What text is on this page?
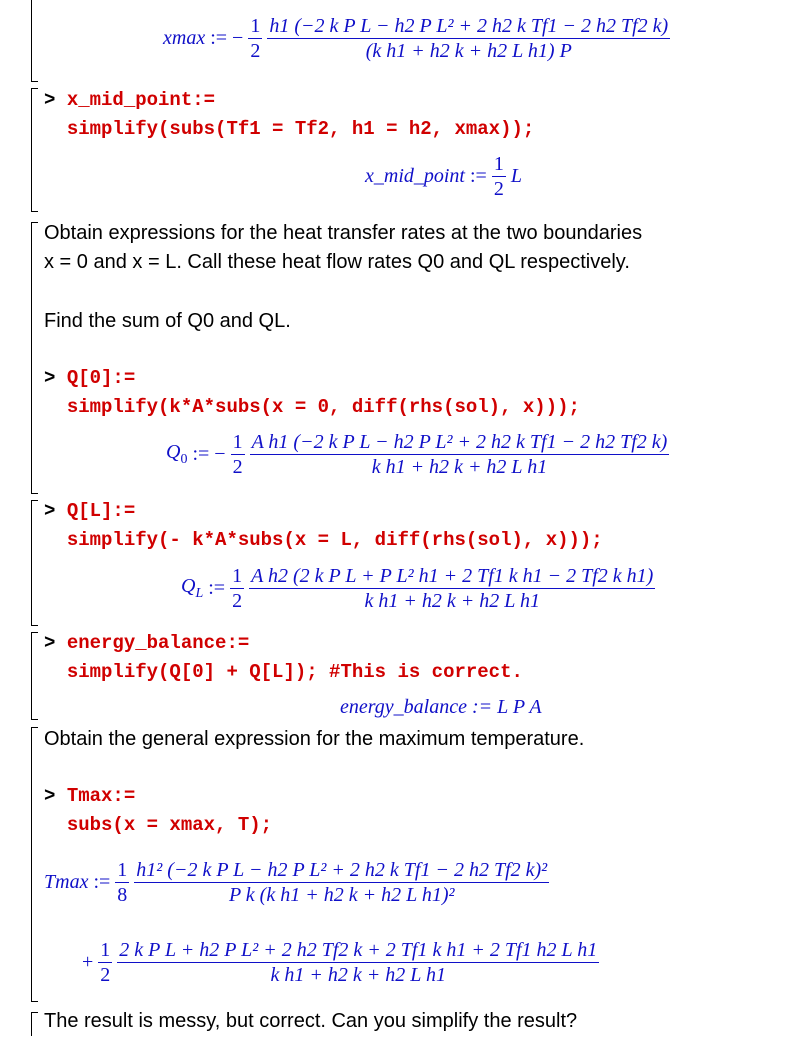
xmax := − $\frac{1}{2}$
$\frac{\text{h1 (−2 k P L − h2 P L² + 2 h2 k Tf1 − 2 h2 Tf2 k)}}{\text{(k h1 + h2 k + h2 L h1) P}}$
> x_mid_point:=
simplify(subs(Tf1 = Tf2, h1 = h2, xmax));
x_mid_point := $\frac{1}{2}$ L
Obtain expressions for the heat transfer rates at the two boundaries
x = 0 and x = L. Call these heat flow rates Q0 and QL respectively.
Find the sum of Q0 and QL.
> Q[0]:=
simplify(k*A*subs(x = 0, diff(rhs(sol), x)));
$Q_0$ := − $\frac{1}{2}$
$\frac{\text{A h1 (−2 k P L − h2 P L² + 2 h2 k Tf1 − 2 h2 Tf2 k)}}{\text{k h1 + h2 k + h2 L h1}}$
> Q[L]:=
simplify(- k*A*subs(x = L, diff(rhs(sol), x)));
$Q_L$ := $\frac{1}{2}$
$\frac{\text{A h2 (2 k P L + P L² h1 + 2 Tf1 k h1 − 2 Tf2 k h1)}}{\text{k h1 + h2 k + h2 L h1}}$
> energy_balance:=
simplify(Q[0] + Q[L]); #This is correct.
energy_balance := L P A
Obtain the general expression for the maximum temperature.
> Tmax:=
subs(x = xmax, T);
Tmax := $\frac{1}{8}$
$\frac{\text{h1² (−2 k P L − h2 P L² + 2 h2 k Tf1 − 2 h2 Tf2 k)²}}{\text{P k (k h1 + h2 k + h2 L h1)²}}$
+ $\frac{1}{2}$
$\frac{\text{2 k P L + h2 P L² + 2 h2 Tf2 k + 2 Tf1 k h1 + 2 Tf1 h2 L h1}}{\text{k h1 + h2 k + h2 L h1}}$
The result is messy, but correct. Can you simplify the result?
